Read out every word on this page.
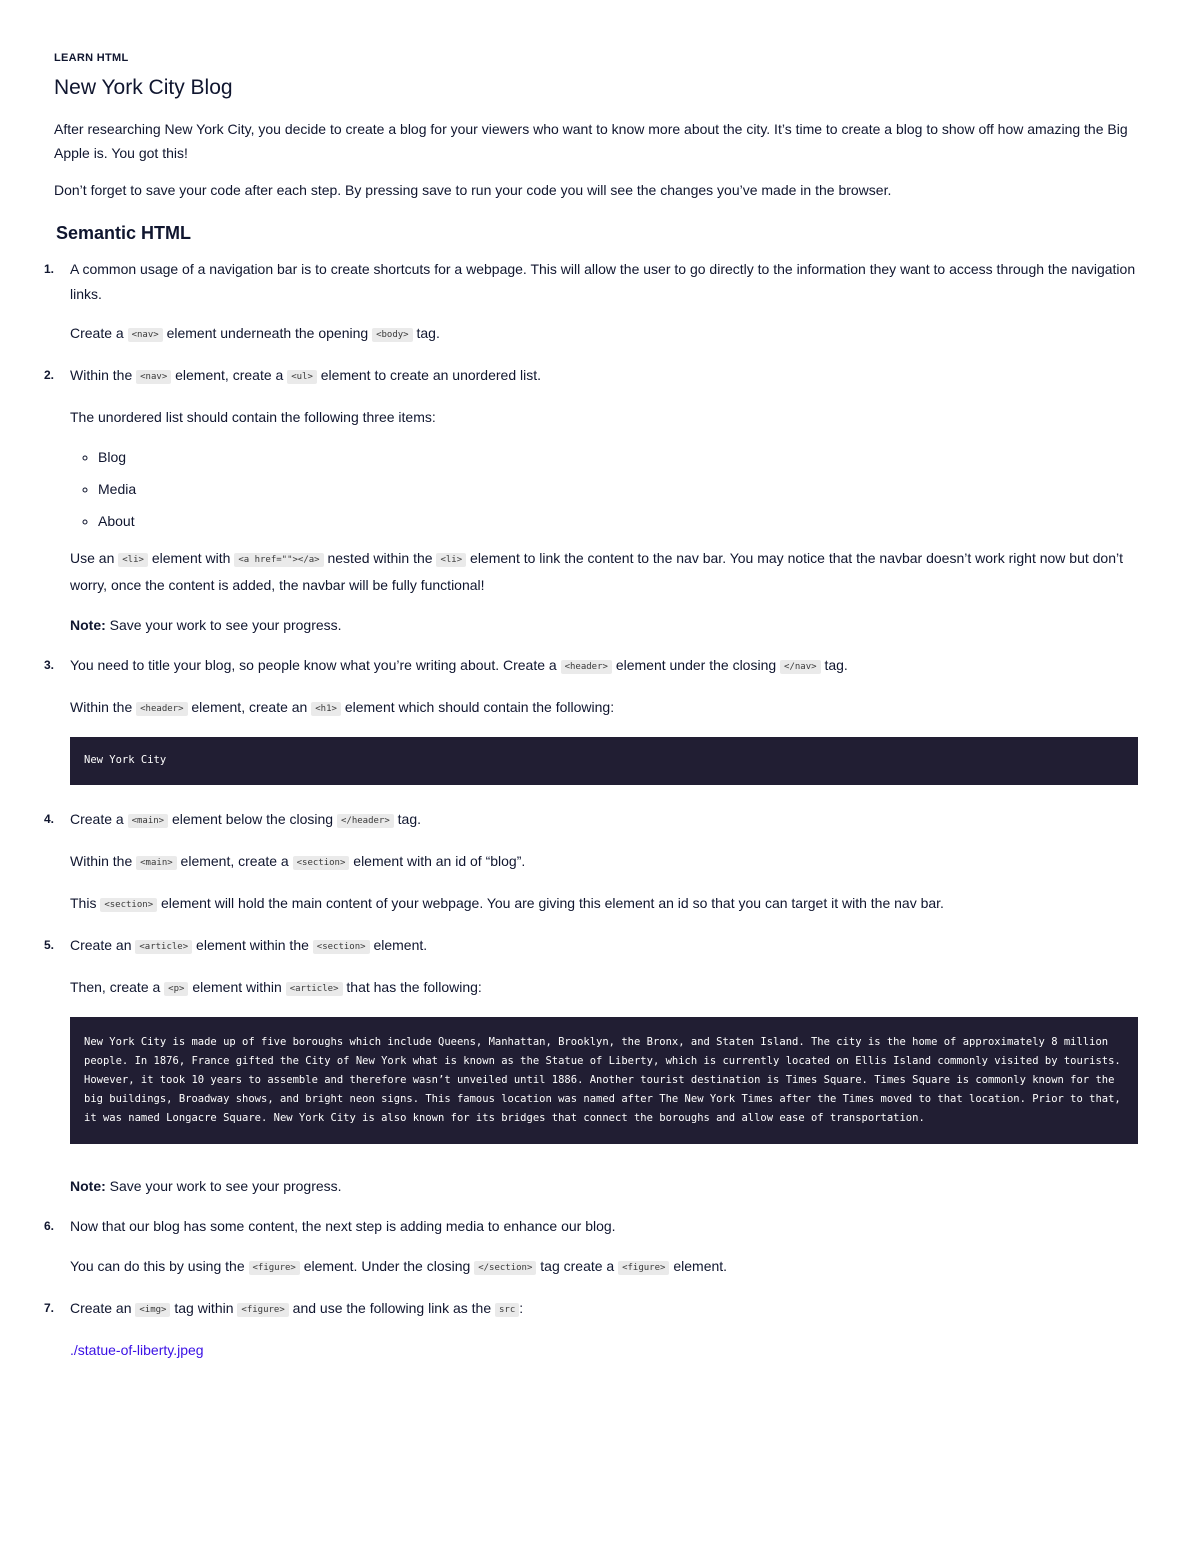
LEARN HTML
New York City Blog

After researching New York City, you decide to create a blog for your viewers who want to know more about the city. It’s time to create a blog to show off how amazing the Big Apple is. You got this!

Don’t forget to save your code after each step. By pressing save to run your code you will see the changes you’ve made in the browser.

Semantic HTML
1. A common usage of a navigation bar is to create shortcuts for a webpage. This will allow the user to go directly to the information they want to access through the navigation links.

Create a <nav> element underneath the opening <body> tag.

2. Within the <nav> element, create a <ul> element to create an unordered list.

The unordered list should contain the following three items:

◦ Blog
◦ Media
◦ About

Use an <li> element with <a href=""></a> nested within the <li> element to link the content to the nav bar. You may notice that the navbar doesn’t work right now but don’t worry, once the content is added, the navbar will be fully functional!

Note: Save your work to see your progress.

3. You need to title your blog, so people know what you’re writing about. Create a <header> element under the closing </nav> tag.

Within the <header> element, create an <h1> element which should contain the following:

New York City
4. Create a <main> element below the closing </header> tag.

Within the <main> element, create a <section> element with an id of “blog”.

This <section> element will hold the main content of your webpage. You are giving this element an id so that you can target it with the nav bar.

5. Create an <article> element within the <section> element.

Then, create a <p> element within <article> that has the following:

New York City is made up of five boroughs which include Queens, Manhattan, Brooklyn, the Bronx, and Staten Island. The city is the home of approximately 8 million people. In 1876, France gifted the City of New York what is known as the Statue of Liberty, which is currently located on Ellis Island commonly visited by tourists. However, it took 10 years to assemble and therefore wasn’t unveiled until 1886. Another tourist destination is Times Square. Times Square is commonly known for the big buildings, Broadway shows, and bright neon signs. This famous location was named after The New York Times after the Times moved to that location. Prior to that, it was named Longacre Square. New York City is also known for its bridges that connect the boroughs and allow ease of transportation.

Note: Save your work to see your progress.

6. Now that our blog has some content, the next step is adding media to enhance our blog.

You can do this by using the <figure> element. Under the closing </section> tag create a <figure> element.

7. Create an <img> tag within <figure> and use the following link as the src :

./statue-of-liberty.jpeg
